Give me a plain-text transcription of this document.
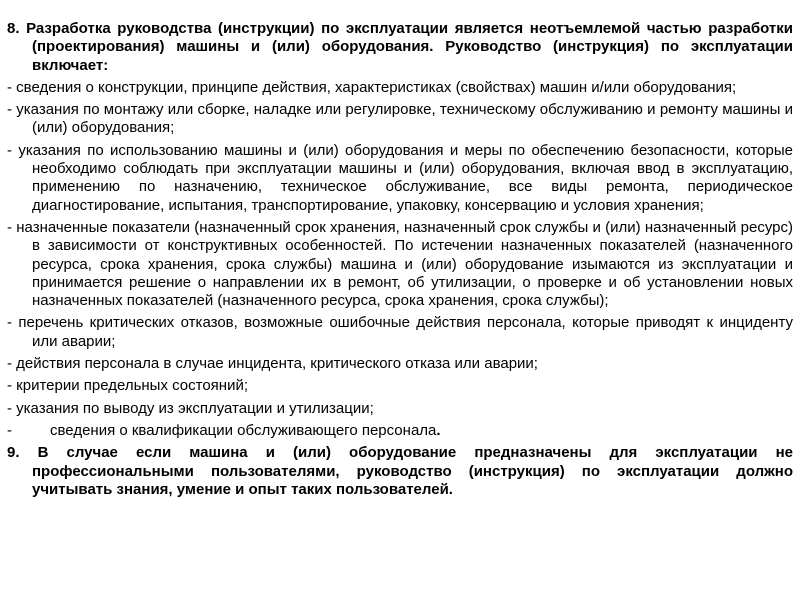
8. Разработка руководства (инструкции) по эксплуатации является неотъемлемой частью разработки (проектирования) машины и (или) оборудования. Руководство (инструкция) по эксплуатации включает:

- сведения о конструкции, принципе действия, характеристиках (свойствах) машин и/или оборудования;

- указания по монтажу или сборке, наладке или регулировке, техническому обслуживанию и ремонту машины и (или) оборудования;

- указания по использованию машины и (или) оборудования и меры по обеспечению безопасности, которые необходимо соблюдать при эксплуатации машины и (или) оборудования, включая ввод в эксплуатацию, применению по назначению, техническое обслуживание, все виды ремонта, периодическое диагностирование, испытания, транспортирование, упаковку, консервацию и условия хранения;

- назначенные показатели (назначенный срок хранения, назначенный срок службы и (или) назначенный ресурс) в зависимости от конструктивных особенностей. По истечении назначенных показателей (назначенного ресурса, срока хранения, срока службы) машина и (или) оборудование изымаются из эксплуатации и принимается решение о направлении их в ремонт, об утилизации, о проверке и об установлении новых назначенных показателей (назначенного ресурса, срока хранения, срока службы);

- перечень критических отказов, возможные ошибочные действия персонала, которые приводят к инциденту или аварии;

- действия персонала в случае инцидента, критического отказа или аварии;

- критерии предельных состояний;

- указания по выводу из эксплуатации и утилизации;

-	сведения о квалификации обслуживающего персонала.

9. В случае если машина и (или) оборудование предназначены для эксплуатации не профессиональными пользователями, руководство (инструкция) по эксплуатации должно учитывать знания, умение и опыт таких пользователей.
